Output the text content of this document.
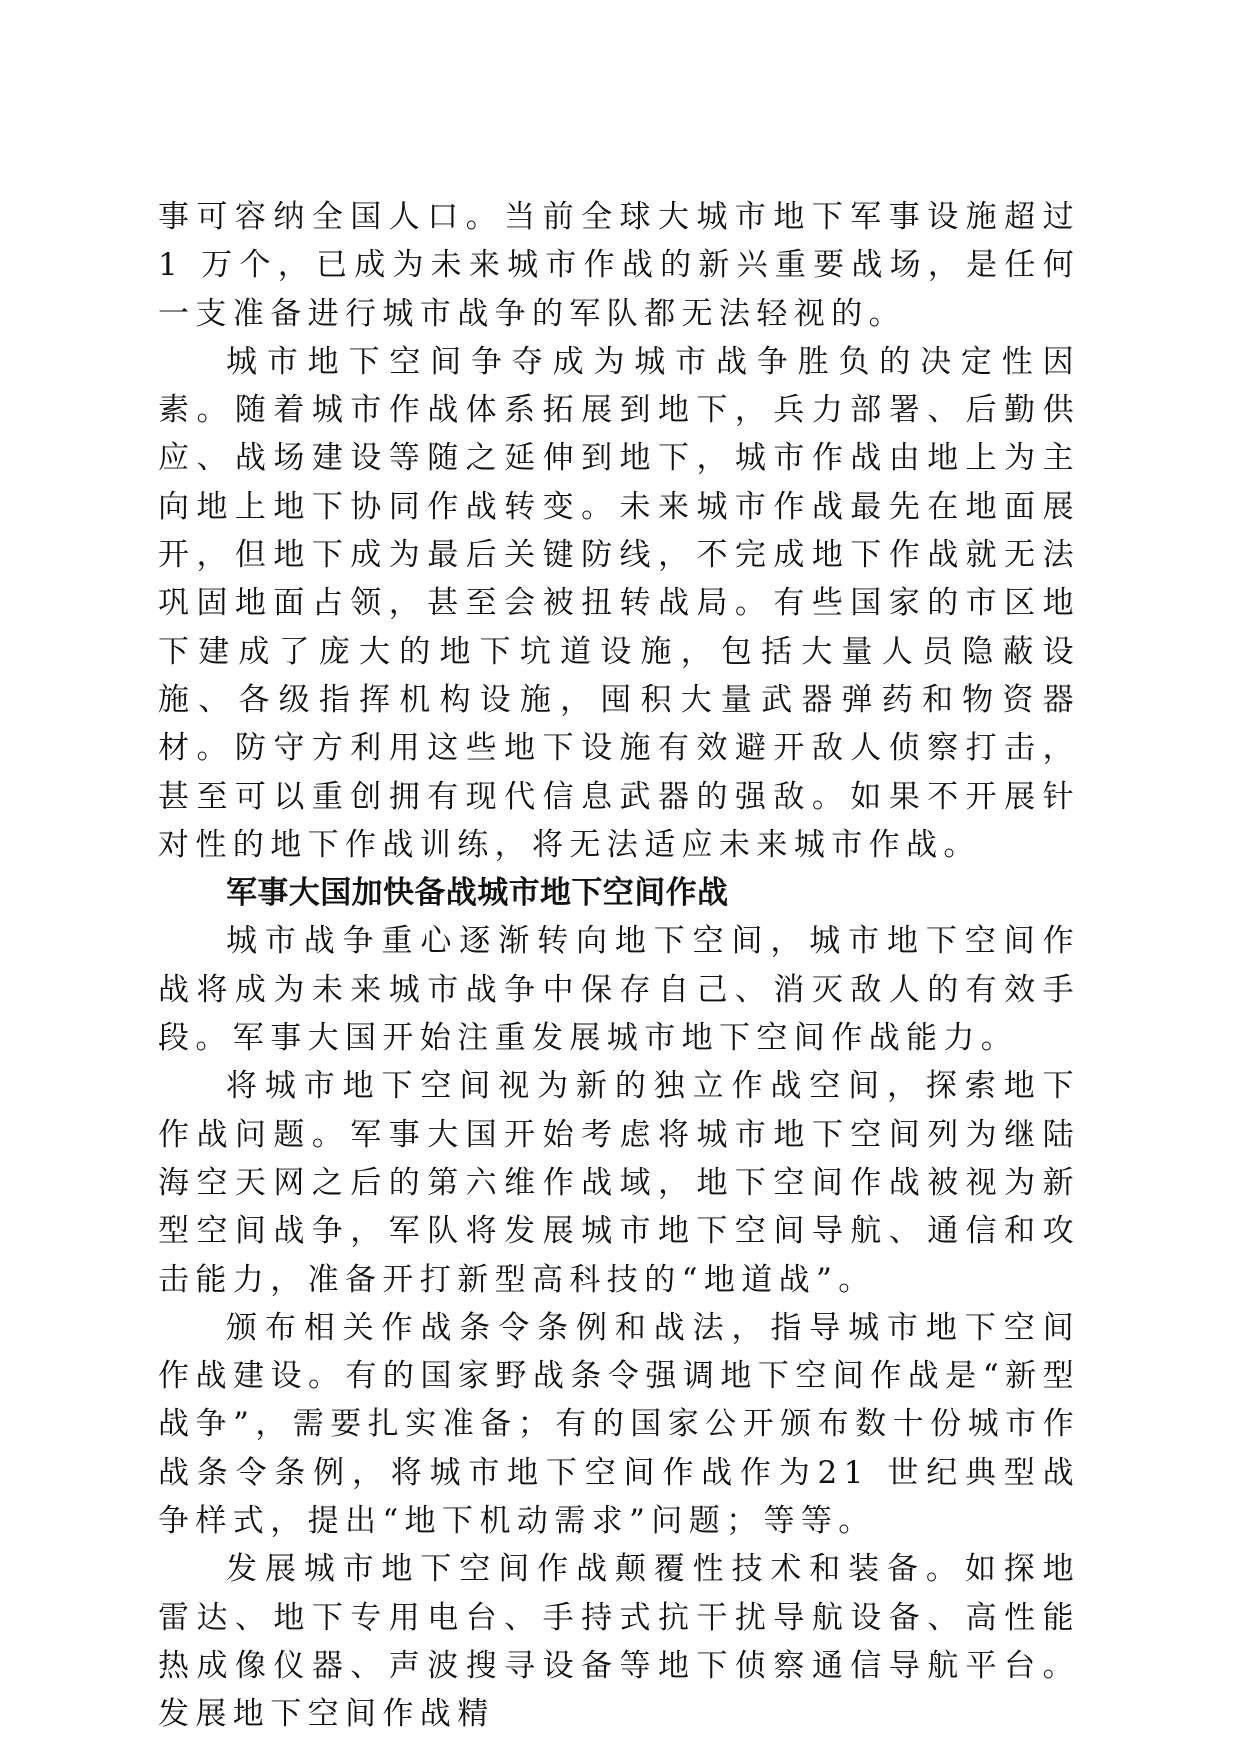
事可容纳全国人口。当前全球大城市地下军事设施超过 1 万个，已成为未来城市作战的新兴重要战场，是任何一支准备进行城市战争的军队都无法轻视的。

城市地下空间争夺成为城市战争胜负的决定性因素。随着城市作战体系拓展到地下，兵力部署、后勤供应、战场建设等随之延伸到地下，城市作战由地上为主向地上地下协同作战转变。未来城市作战最先在地面展开，但地下成为最后关键防线，不完成地下作战就无法巩固地面占领，甚至会被扭转战局。有些国家的市区地下建成了庞大的地下坑道设施，包括大量人员隐蔽设施、各级指挥机构设施，囤积大量武器弹药和物资器材。防守方利用这些地下设施有效避开敌人侦察打击，甚至可以重创拥有现代信息武器的强敌。如果不开展针对性的地下作战训练，将无法适应未来城市作战。

军事大国加快备战城市地下空间作战

城市战争重心逐渐转向地下空间，城市地下空间作战将成为未来城市战争中保存自己、消灭敌人的有效手段。军事大国开始注重发展城市地下空间作战能力。

将城市地下空间视为新的独立作战空间，探索地下作战问题。军事大国开始考虑将城市地下空间列为继陆海空天网之后的第六维作战域，地下空间作战被视为新型空间战争，军队将发展城市地下空间导航、通信和攻击能力，准备开打新型高科技的“地道战”。

颁布相关作战条令条例和战法，指导城市地下空间作战建设。有的国家野战条令强调地下空间作战是“新型战争”，需要扎实准备；有的国家公开颁布数十份城市作战条令条例，将城市地下空间作战作为21 世纪典型战争样式，提出“地下机动需求”问题；等等。

发展城市地下空间作战颠覆性技术和装备。如探地雷达、地下专用电台、手持式抗干扰导航设备、高性能热成像仪器、声波搜寻设备等地下侦察通信导航平台。发展地下空间作战精
